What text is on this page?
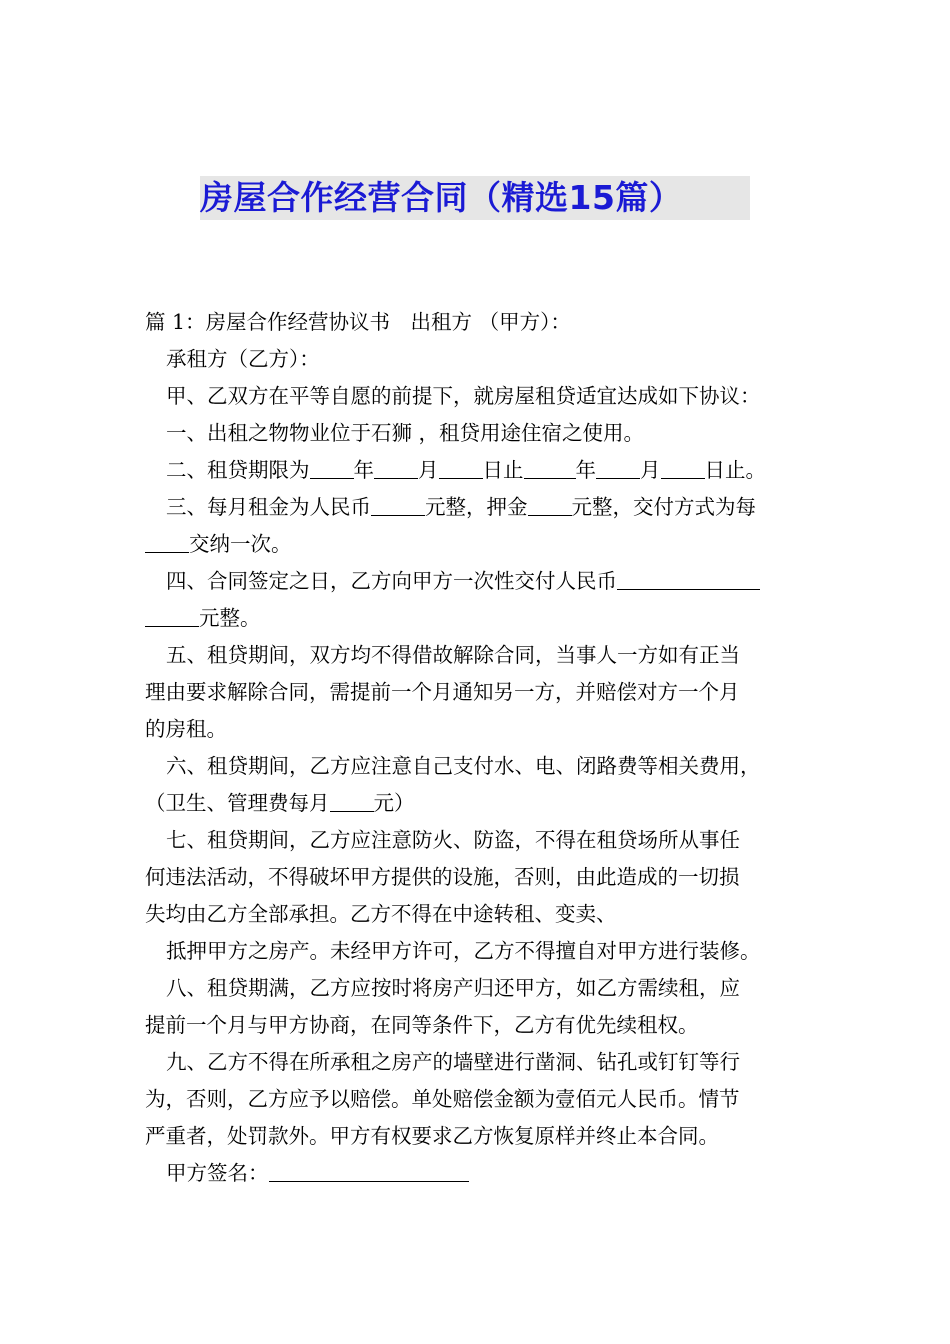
房屋合作经营合同（精选15篇）
篇 1：房屋合作经营协议书　出租方 （甲方）：
承租方（乙方）：
甲、乙双方在平等自愿的前提下，就房屋租贷适宜达成如下协议：
一、出租之物物业位于石狮 ，租贷用途住宿之使用。
二、租贷期限为 年 月 日止	年 月 日止。
三、每月租金为人民币	元整，押金 元整，交付方式为每
交纳一次。
四、合同签定之日，乙方向甲方一次性交付人民币
元整。
五、租贷期间，双方均不得借故解除合同，当事人一方如有正当
理由要求解除合同，需提前一个月通知另一方，并赔偿对方一个月
的房租。
六、租贷期间，乙方应注意自己支付水、电、闭路费等相关费用，
（卫生、管理费每月 元）
七、租贷期间，乙方应注意防火、防盗，不得在租贷场所从事任
何违法活动，不得破坏甲方提供的设施，否则，由此造成的一切损
失均由乙方全部承担。乙方不得在中途转租、变卖、
抵押甲方之房产。未经甲方许可，乙方不得擅自对甲方进行装修。
八、租贷期满，乙方应按时将房产归还甲方，如乙方需续租，应
提前一个月与甲方协商，在同等条件下，乙方有优先续租权。
九、乙方不得在所承租之房产的墙壁进行凿洞、钻孔或钉钉等行
为，否则，乙方应予以赔偿。单处赔偿金额为壹佰元人民币。情节
严重者，处罚款外。甲方有权要求乙方恢复原样并终止本合同。
甲方签名：
